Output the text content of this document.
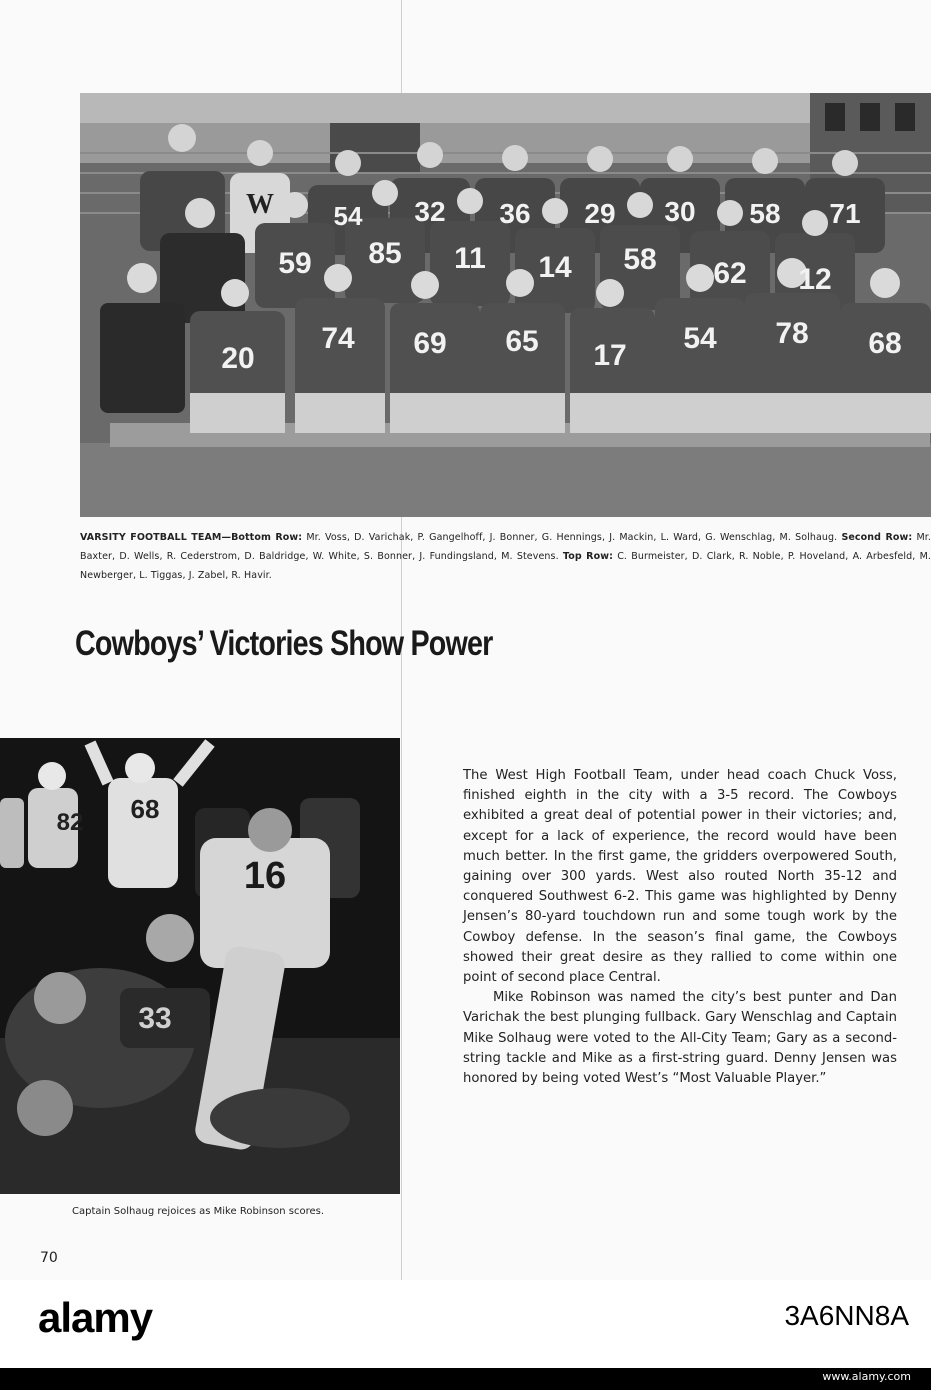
54 32 36 29 30 58 71
59 85 11 14 58 62 12
20
74 69 65 17
54 78 68
W
VARSITY FOOTBALL TEAM—Bottom Row: Mr. Voss, D. Varichak, P. Gangelhoff, J. Bonner, G. Hennings, J. Mackin, L. Ward, G. Wenschlag, M. Solhaug. Second Row: Mr. Baxter, D. Wells, R. Cederstrom, D. Baldridge, W. White, S. Bonner, J. Fundingsland, M. Stevens. Top Row: C. Burmeister, D. Clark, R. Noble, P. Hoveland, A. Arbesfeld, M. Newberger, L. Tiggas, J. Zabel, R. Havir.
Cowboys’ Victories Show Power
82 68
16
33
Captain Solhaug rejoices as Mike Robinson scores.

The West High Football Team, under head coach Chuck Voss, finished eighth in the city with a 3-5 record. The Cowboys exhibited a great deal of potential power in their victories; and, except for a lack of experience, the record would have been much better. In the first game, the gridders overpowered South, gaining over 300 yards. West also routed North 35-12 and conquered Southwest 6-2. This game was highlighted by Denny Jensen’s 80-yard touchdown run and some tough work by the Cowboy defense. In the season’s final game, the Cowboys showed their great desire as they rallied to come within one point of second place Central.

Mike Robinson was named the city’s best punter and Dan Varichak the best plunging fullback. Gary Wenschlag and Captain Mike Solhaug were voted to the All-City Team; Gary as a second-string tackle and Mike as a first-string guard. Denny Jensen was honored by being voted West’s “Most Valuable Player.”

70
alamy	3A6NN8A
www.alamy.com
